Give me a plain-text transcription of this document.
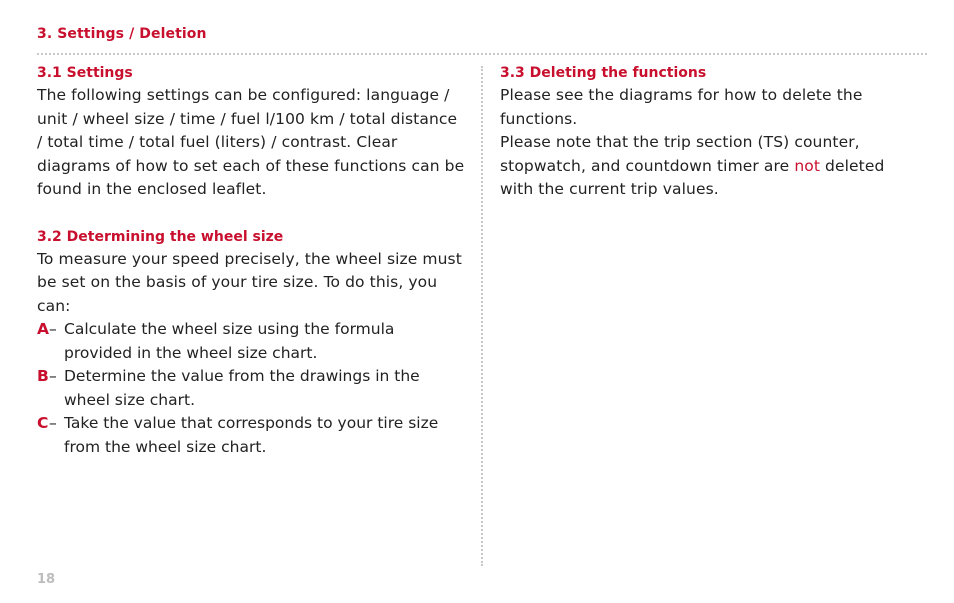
3. Settings / Deletion
3.1 Settings

The following settings can be configured: language / unit / wheel size / time / fuel l/100 km / total distance / total time / total fuel (liters) / contrast. Clear diagrams of how to set each of these functions can be found in the enclosed leaflet.

3.2 Determining the wheel size

To measure your speed precisely, the wheel size must be set on the basis of your tire size. To do this, you can:

A – Calculate the wheel size using the formula provided in the wheel size chart.
B – Determine the value from the drawings in the wheel size chart.
C – Take the value that corresponds to your tire size from the wheel size chart.
3.3 Deleting the functions

Please see the diagrams for how to delete the functions.

Please note that the trip section (TS) counter, stopwatch, and countdown timer are not deleted with the current trip values.

18
